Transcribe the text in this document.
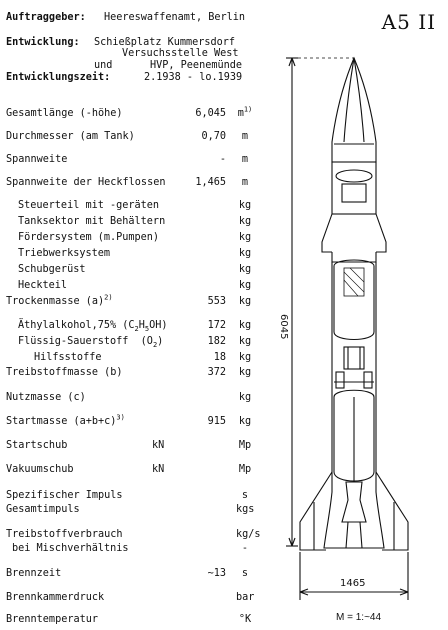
Auftraggeber: Heereswaffenamt, Berlin	A5 II
Entwicklung: Schießplatz Kummersdorf
Versuchsstelle West
und	HVP, Peenemünde
Entwicklungszeit:	2.1938 - lo.1939
Gesamtlänge (-höhe)	6,045 $m^{1)}$
Durchmesser (am Tank)	0,70	m
Spannweite	-	m
Spannweite der Heckflossen	1,465	m
Steuerteil mit -geräten	kg
Tanksektor mit Behältern	kg
Fördersystem (m.Pumpen)	kg
Triebwerksystem	kg
Schubgerüst	kg
Heckteil	kg
Trockenmasse $(a)^{2)}$	553 kg
Äthylalkohol,75% $(C_2H_5OH)$	172 kg
Flüssig-Sauerstoff  $(O_2)$	182 kg
Hilfsstoffe	18 kg
Treibstoffmasse (b)	372 kg
Nutzmasse (c)	kg
Startmasse $(a+b+c)^{3)}$	915 kg
Startschub	kN	Mp
Vakuumschub	kN	Mp
Spezifischer Impuls	s
Gesamtimpuls	kgs
Treibstoffverbrauch	kg/s
bei Mischverhältnis	-
Brennzeit	~13	s
Brennkammerdruck	bar
Brenntemperatur	°K
6045
1465
M = 1:~44
